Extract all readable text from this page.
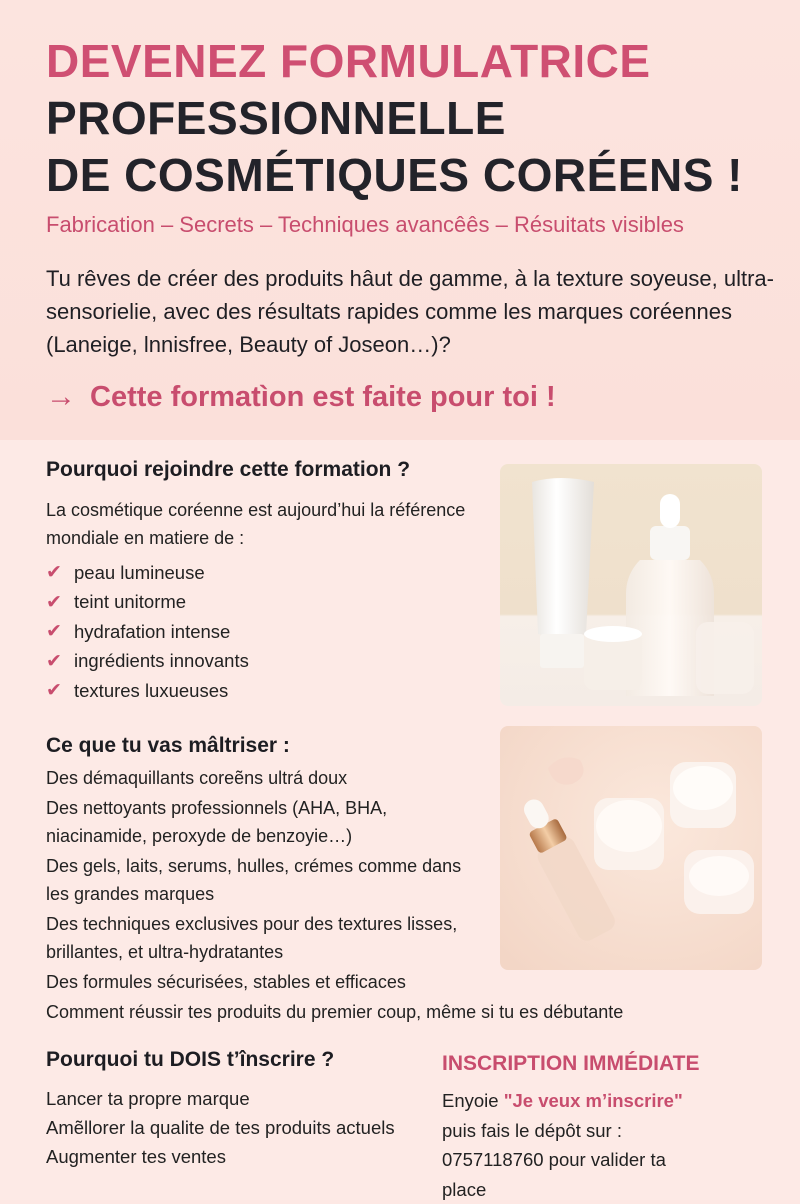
DEVENEZ FORMULATRICE
PROFESSIONNELLE
DE COSMÉTIQUES CORÉENS !
Fabrication – Secrets – Techniques avancêês – Résuitats visibles
Tu rêves de créer des produits hâut de gamme, à la texture soyeuse, ultra-sensorielie, avec des résultats rapides comme les marques coréennes (Laneige, lnnisfree, Beauty of Joseon…)?
→ Cette formatìon est faite pour toi !
Pourquoi rejoindre cette formation ?
La cosmétique coréenne est aujourd’hui la référence mondiale en matiere de :
✔ peau lumineuse
✔ teint unitorme
✔ hydrafation intense
✔ ingrédients innovants
✔ textures luxueuses
Ce que tu vas mâltriser :
Des démaquillants coreẽns ultrá doux
Des nettoyants professionnels (AHA, BHA, niacinamide, peroxyde de benzoyie…)
Des gels, laits, serums, hulles, crémes comme dans les grandes marques
Des techniques exclusives pour des textures lisses, brillantes, et ultra-hydratantes
Des formules sécurisées, stables et efficaces
Comment réussir tes produits du premier coup, même si tu es débutante
Pourquoi tu DOIS t’înscrire ?
Lancer ta propre marque
Amẽllorer la qualite de tes produits actuels
Augmenter tes ventes
INSCRIPTION IMMÉDIATE
Enyoie "Je veux m’inscrire"
puis fais le dépôt sur :
0757118760 pour valider ta
place
